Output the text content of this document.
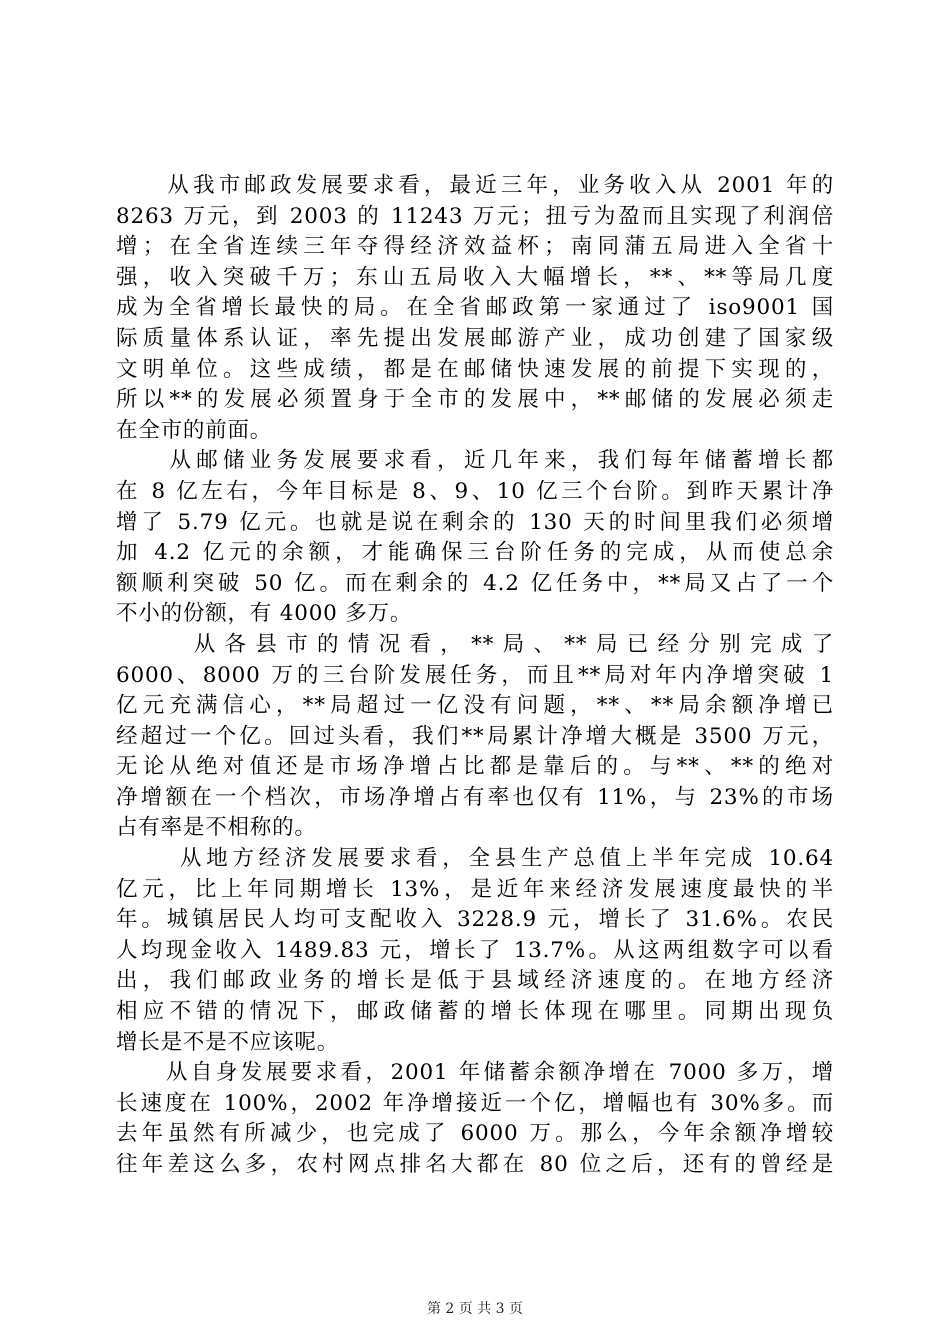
　　从我市邮政发展要求看，最近三年，业务收入从 2001 年的
8263 万元，到 2003 的 11243 万元；扭亏为盈而且实现了利润倍
增；在全省连续三年夺得经济效益杯；南同蒲五局进入全省十
强，收入突破千万；东山五局收入大幅增长，**、**等局几度
成为全省增长最快的局。在全省邮政第一家通过了 iso9001 国
际质量体系认证，率先提出发展邮游产业，成功创建了国家级
文明单位。这些成绩，都是在邮储快速发展的前提下实现的，
所以**的发展必须置身于全市的发展中，**邮储的发展必须走
在全市的前面。
　　从邮储业务发展要求看，近几年来，我们每年储蓄增长都
在 8 亿左右，今年目标是 8、9、10 亿三个台阶。到昨天累计净
增了 5.79 亿元。也就是说在剩余的 130 天的时间里我们必须增
加 4.2 亿元的余额，才能确保三台阶任务的完成，从而使总余
额顺利突破 50 亿。而在剩余的 4.2 亿任务中，**局又占了一个
不小的份额，有 4000 多万。
　　 从各县市的情况看，**局、**局已经分别完成了
6000、8000 万的三台阶发展任务，而且**局对年内净增突破 1
亿元充满信心，**局超过一亿没有问题，**、**局余额净增已
经超过一个亿。回过头看，我们**局累计净增大概是 3500 万元，
无论从绝对值还是市场净增占比都是靠后的。与**、**的绝对
净增额在一个档次，市场净增占有率也仅有 11%，与 23%的市场
占有率是不相称的。
　　 从地方经济发展要求看，全县生产总值上半年完成 10.64
亿元，比上年同期增长 13%，是近年来经济发展速度最快的半
年。城镇居民人均可支配收入 3228.9 元，增长了 31.6%。农民
人均现金收入 1489.83 元，增长了 13.7%。从这两组数字可以看
出，我们邮政业务的增长是低于县域经济速度的。在地方经济
相应不错的情况下，邮政储蓄的增长体现在哪里。同期出现负
增长是不是不应该呢。
　　从自身发展要求看，2001 年储蓄余额净增在 7000 多万，增
长速度在 100%，2002 年净增接近一个亿，增幅也有 30%多。而
去年虽然有所减少，也完成了 6000 万。那么，今年余额净增较
往年差这么多，农村网点排名大都在 80 位之后，还有的曾经是
第 2 页 共 3 页
